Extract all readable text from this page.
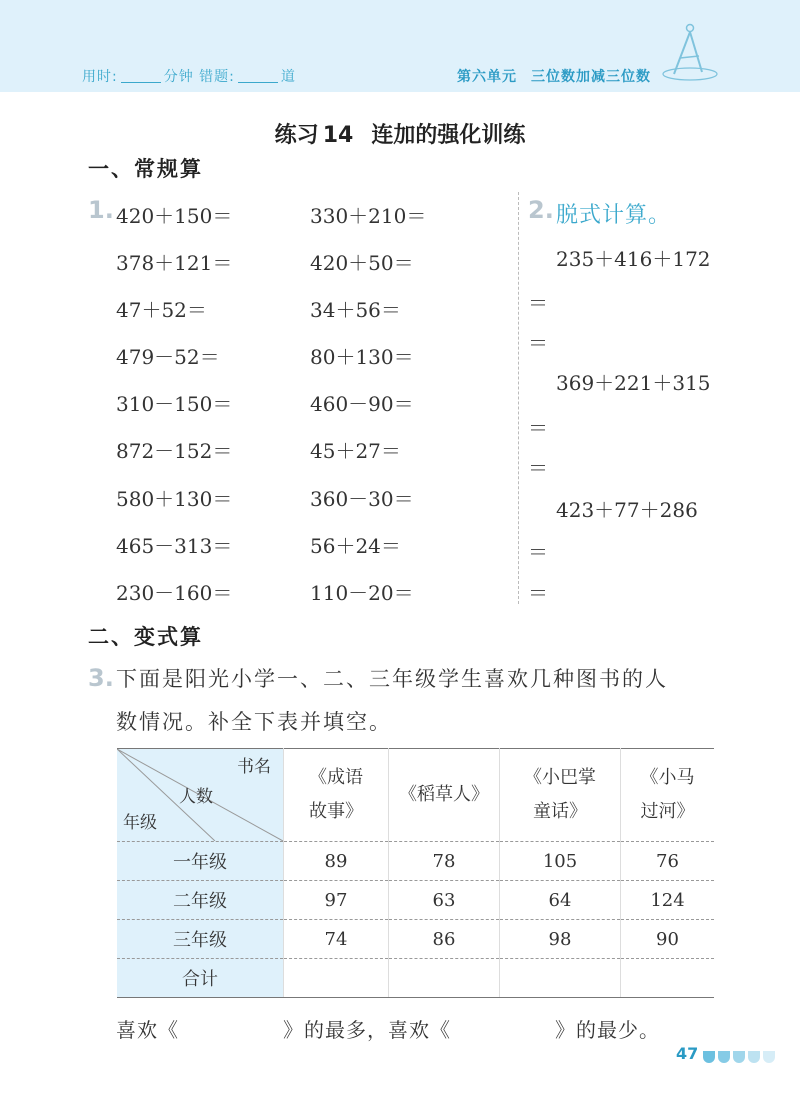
用时:	分钟 错题:	道	第六单元 三位数加减三位数
练习 14 连加的强化训练
一、常规算
1. 420＋150＝
378＋121＝
47＋52＝
479－52＝
310－150＝
872－152＝
580＋130＝
465－313＝
230－160＝
330＋210＝
420＋50＝
34＋56＝
80＋130＝
460－90＝
45＋27＝
360－30＝
56＋24＝
110－20＝
2. 脱式计算。
235＋416＋172
＝
＝
369＋221＋315
＝
＝
423＋77＋286
＝
＝
二、变式算
3. 下面是阳光小学一、二、三年级学生喜欢几种图书的人
数情况。补全下表并填空。
书名
人数
年级	《成语
故事》	《稻草人》	《小巴掌
童话》	《小马
过河》
一年级	89	78	105	76
二年级	97	63	64	124
三年级	74	86	98	90
合计				
喜欢《	》的最多，喜欢《	》的最少。
47
